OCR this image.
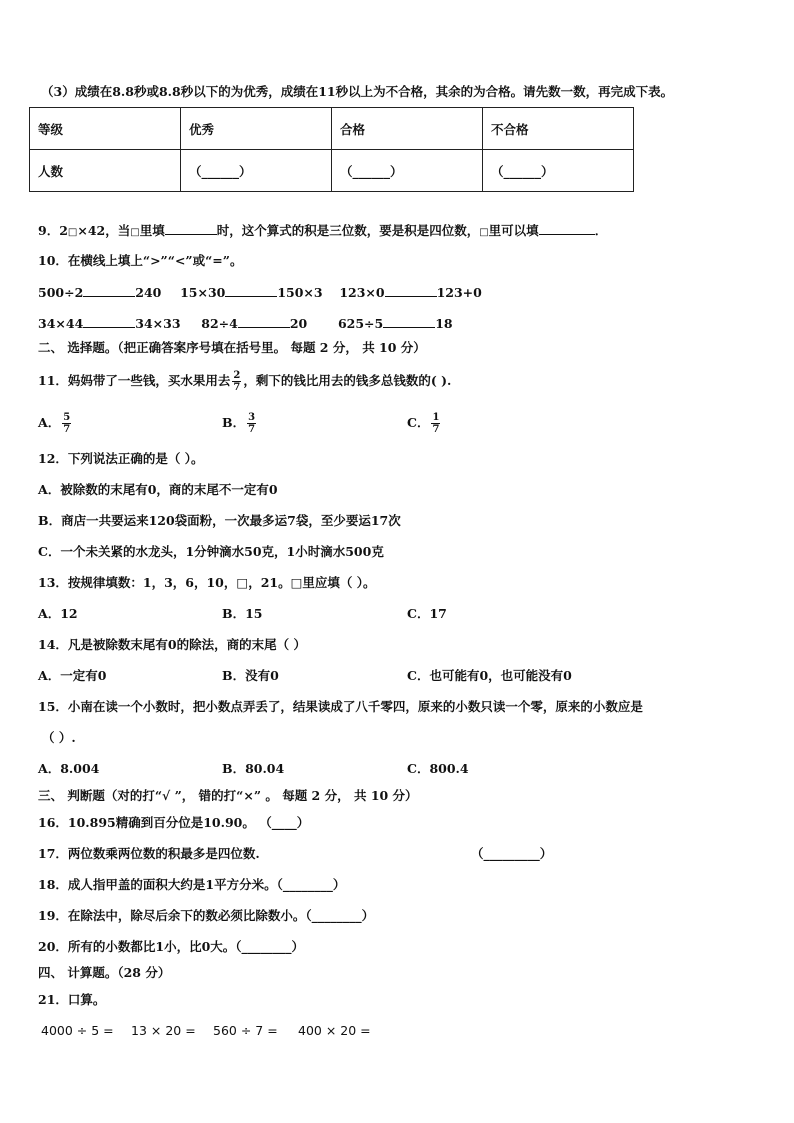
（3）成绩在8.8秒或8.8秒以下的为优秀，成绩在11秒以上为不合格，其余的为合格。请先数一数，再完成下表。
等级	优秀	合格	不合格
人数	（______）	（______）	（______）
9．2□×42，当□里填	时，这个算式的积是三位数，要是积是四位数，□里可以填	．
10．在横线上填上“>”“<”或“=”。
500÷2	240 15×30	150×3 123×0	123+0
34×44	34×33 82÷4	20 625÷5	18
二、 选择题。（把正确答案序号填在括号里。 每题 2 分， 共 10 分）
11．妈妈带了一些钱，买水果用去 $\frac{2}{7}$ ，剩下的钱比用去的钱多总钱数的( ).
A． $\frac{5}{7}$	B． $\frac{3}{7}$	C． $\frac{1}{7}$
12．下列说法正确的是（ ）。
A．被除数的末尾有0，商的末尾不一定有0
B．商店一共要运来120袋面粉，一次最多运7袋，至少要运17次
C．一个未关紧的水龙头，1分钟滴水50克，1小时滴水500克
13．按规律填数：1，3，6，10，□，21。□里应填（ ）。
A．12	B．15	C．17
14．凡是被除数末尾有0的除法，商的末尾（ ）
A．一定有0	B．没有0	C．也可能有0，也可能没有0
15．小南在读一个小数时，把小数点弄丢了，结果读成了八千零四，原来的小数只读一个零，原来的小数应是
（ ）.
A．8.004	B．80.04	C．800.4
三、 判断题（对的打“√ ”， 错的打“×” 。 每题 2 分， 共 10 分）
16．10.895精确到百分位是10.90。 （____）
17．两位数乘两位数的积最多是四位数.	（_________）
18．成人指甲盖的面积大约是1平方分米。（________）
19．在除法中，除尽后余下的数必须比除数小。（________）
20．所有的小数都比1小，比0大。（________）
四、 计算题。（28 分）
21．口算。
4000 ÷ 5 = 13 × 20 = 560 ÷ 7 = 400 × 20 =
